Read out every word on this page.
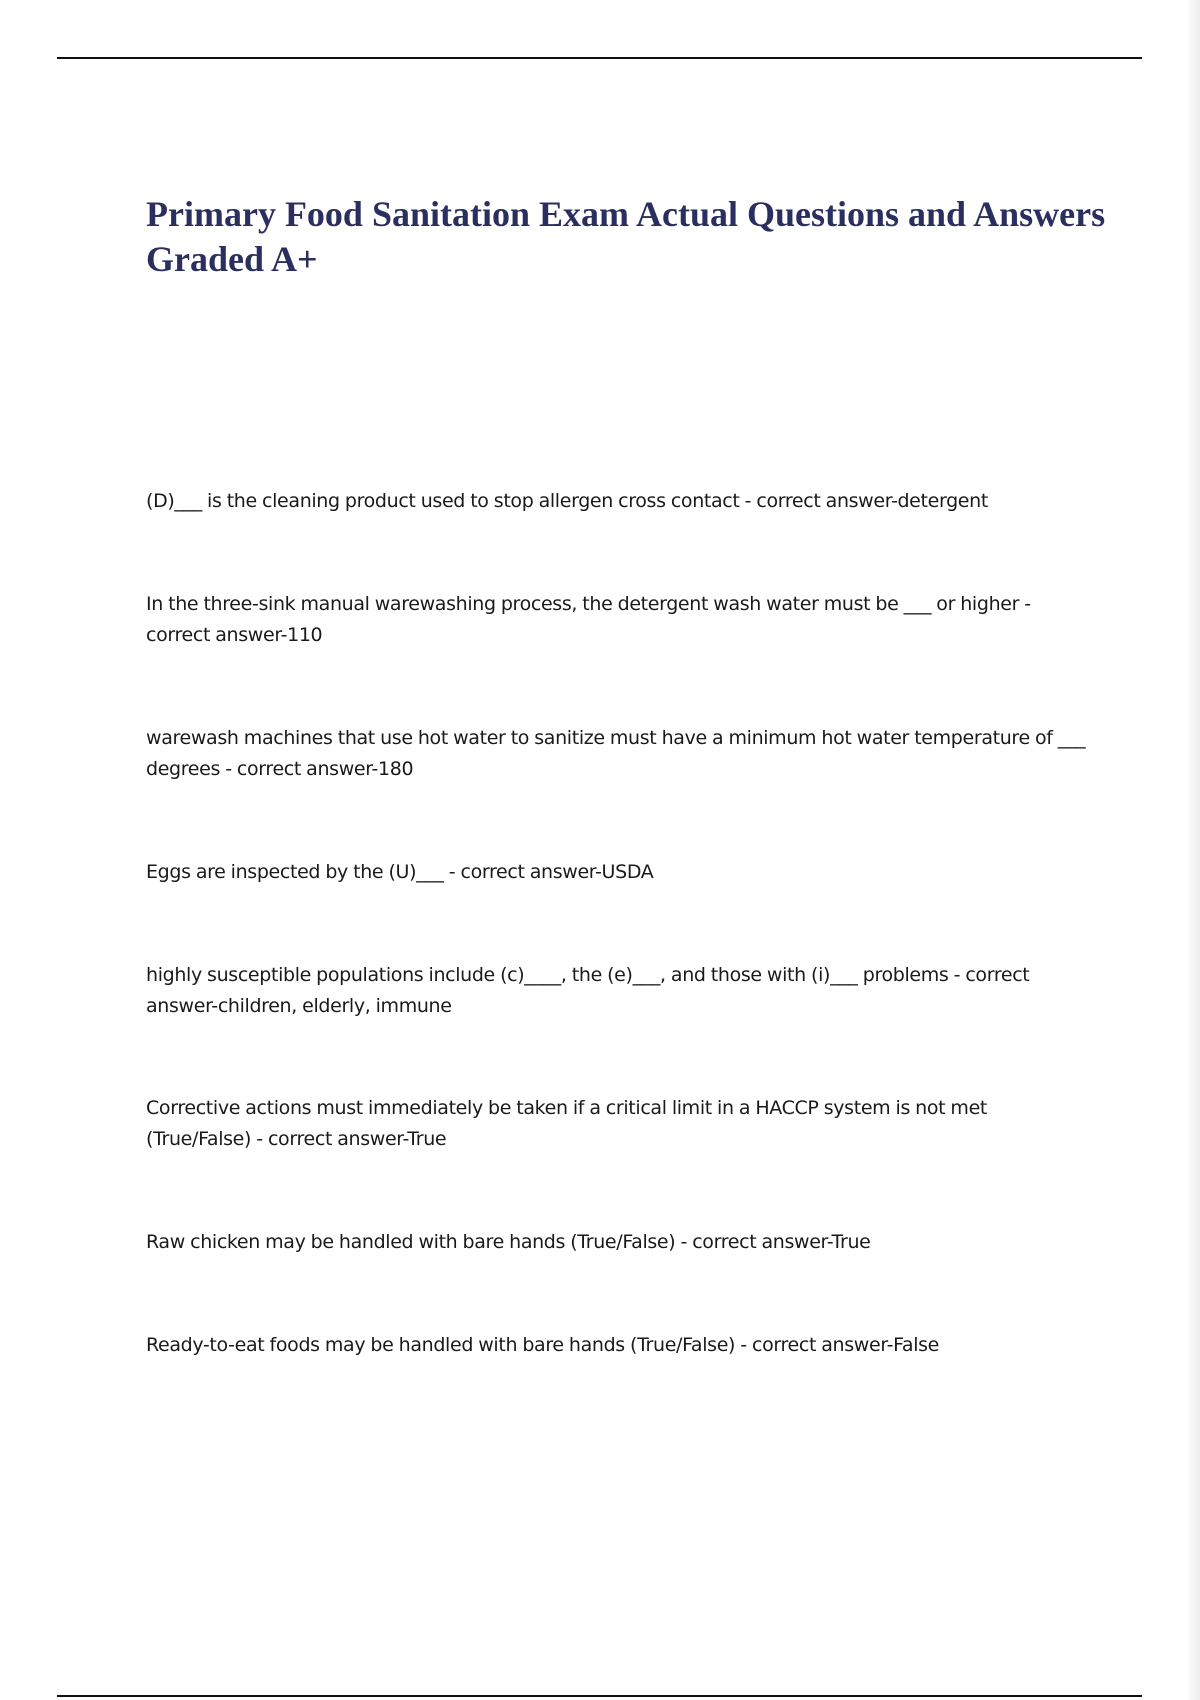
Primary Food Sanitation Exam Actual Questions and Answers Graded A+

(D)___ is the cleaning product used to stop allergen cross contact - correct answer-detergent

In the three-sink manual warewashing process, the detergent wash water must be ___ or higher - correct answer-110

warewash machines that use hot water to sanitize must have a minimum hot water temperature of ___ degrees - correct answer-180

Eggs are inspected by the (U)___ - correct answer-USDA

highly susceptible populations include (c)____, the (e)___, and those with (i)___ problems - correct answer-children, elderly, immune

Corrective actions must immediately be taken if a critical limit in a HACCP system is not met (True/False) - correct answer-True

Raw chicken may be handled with bare hands (True/False) - correct answer-True

Ready-to-eat foods may be handled with bare hands (True/False) - correct answer-False
